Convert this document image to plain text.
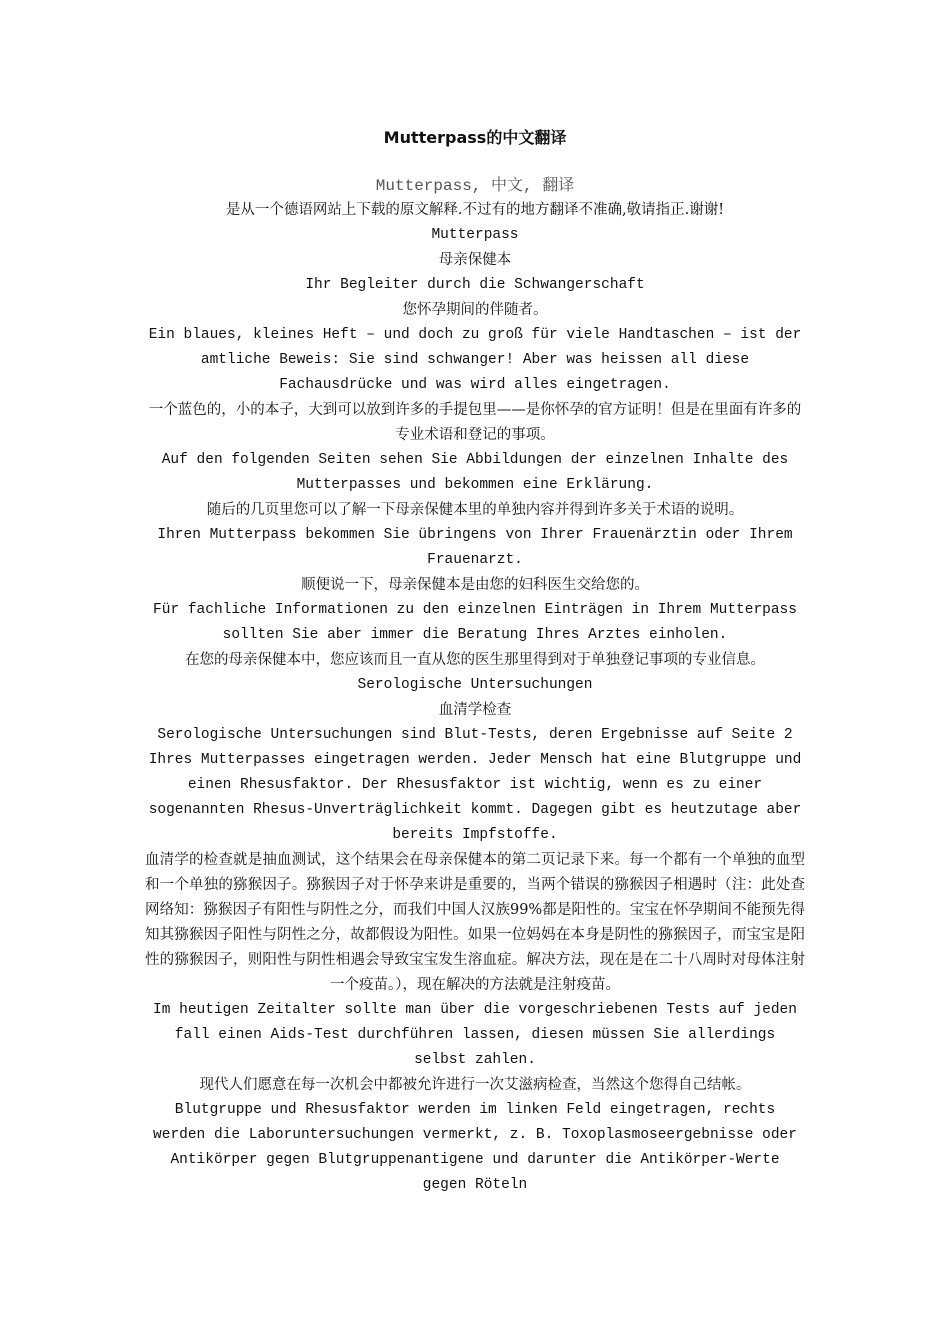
Mutterpass的中文翻译
Mutterpass, 中文, 翻译

是从一个德语网站上下载的原文解释.不过有的地方翻译不准确,敬请指正.谢谢!

Mutterpass

母亲保健本

Ihr Begleiter durch die Schwangerschaft

您怀孕期间的伴随者。

Ein blaues, kleines Heft – und doch zu groß für viele Handtaschen – ist der amtliche Beweis: Sie sind schwanger! Aber was heissen all diese Fachausdrücke und was wird alles eingetragen.

一个蓝色的，小的本子，大到可以放到许多的手提包里——是你怀孕的官方证明！但是在里面有许多的专业术语和登记的事项。

Auf den folgenden Seiten sehen Sie Abbildungen der einzelnen Inhalte des Mutterpasses und bekommen eine Erklärung.

随后的几页里您可以了解一下母亲保健本里的单独内容并得到许多关于术语的说明。

Ihren Mutterpass bekommen Sie übringens von Ihrer Frauenärztin oder Ihrem Frauenarzt.

顺便说一下，母亲保健本是由您的妇科医生交给您的。

Für fachliche Informationen zu den einzelnen Einträgen in Ihrem Mutterpass sollten Sie aber immer die Beratung Ihres Arztes einholen.

在您的母亲保健本中，您应该而且一直从您的医生那里得到对于单独登记事项的专业信息。

Serologische Untersuchungen

血清学检查

Serologische Untersuchungen sind Blut-Tests, deren Ergebnisse auf Seite 2 Ihres Mutterpasses eingetragen werden. Jeder Mensch hat eine Blutgruppe und einen Rhesusfaktor. Der Rhesusfaktor ist wichtig, wenn es zu einer sogenannten Rhesus-Unverträglichkeit kommt. Dagegen gibt es heutzutage aber bereits Impfstoffe.

血清学的检查就是抽血测试，这个结果会在母亲保健本的第二页记录下来。每一个都有一个单独的血型和一个单独的猕猴因子。猕猴因子对于怀孕来讲是重要的，当两个错误的猕猴因子相遇时（注：此处查网络知：猕猴因子有阳性与阴性之分，而我们中国人汉族99%都是阳性的。宝宝在怀孕期间不能预先得知其猕猴因子阳性与阴性之分，故都假设为阳性。如果一位妈妈在本身是阴性的猕猴因子，而宝宝是阳性的猕猴因子，则阳性与阴性相遇会导致宝宝发生溶血症。解决方法，现在是在二十八周时对母体注射一个疫苗。），现在解决的方法就是注射疫苗。

Im heutigen Zeitalter sollte man über die vorgeschriebenen Tests auf jeden fall einen Aids-Test durchführen lassen, diesen müssen Sie allerdings selbst zahlen.

现代人们愿意在每一次机会中都被允许进行一次艾滋病检查，当然这个您得自己结帐。

Blutgruppe und Rhesusfaktor werden im linken Feld eingetragen, rechts werden die Laboruntersuchungen vermerkt, z. B. Toxoplasmoseergebnisse oder Antikörper gegen Blutgruppenantigene und darunter die Antikörper-Werte gegen Röteln
